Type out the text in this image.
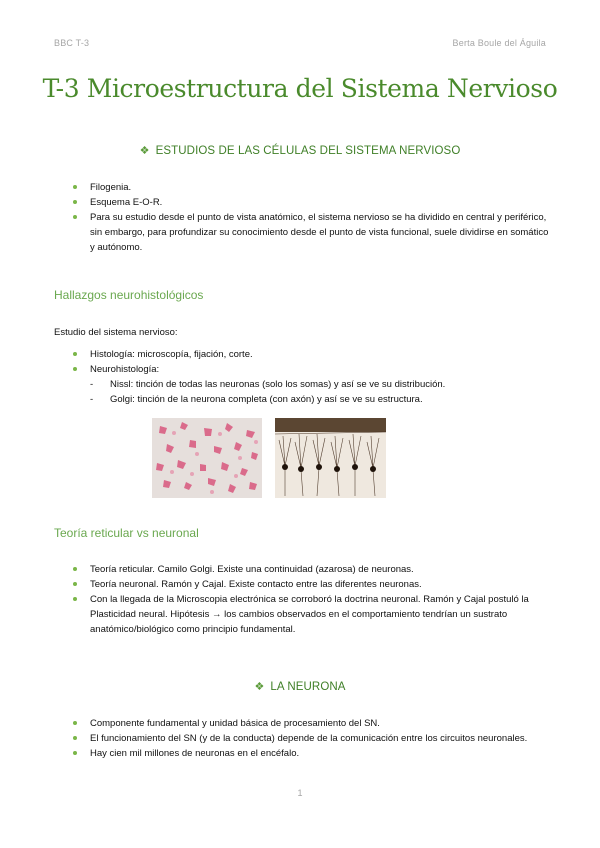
BBC T-3	Berta Boule del Águila
T-3 Microestructura del Sistema Nervioso
❖ ESTUDIOS DE LAS CÉLULAS DEL SISTEMA NERVIOSO
Filogenia.
Esquema E-O-R.
Para su estudio desde el punto de vista anatómico, el sistema nervioso se ha dividido en central y periférico, sin embargo, para profundizar su conocimiento desde el punto de vista funcional, suele dividirse en somático y autónomo.
Hallazgos neurohistológicos
Estudio del sistema nervioso:
Histología: microscopía, fijación, corte.
Neurohistología:
- Nissl: tinción de todas las neuronas (solo los somas) y así se ve su distribución.
- Golgi: tinción de la neurona completa (con axón) y así se ve su estructura.
Teoría reticular vs neuronal
Teoría reticular. Camilo Golgi. Existe una continuidad (azarosa) de neuronas.
Teoría neuronal. Ramón y Cajal. Existe contacto entre las diferentes neuronas.
Con la llegada de la Microscopia electrónica se corroboró la doctrina neuronal. Ramón y Cajal postuló la Plasticidad neural. Hipótesis → los cambios observados en el comportamiento tendrían un sustrato anatómico/biológico como principio fundamental.
❖ LA NEURONA
Componente fundamental y unidad básica de procesamiento del SN.
El funcionamiento del SN (y de la conducta) depende de la comunicación entre los circuitos neuronales.
Hay cien mil millones de neuronas en el encéfalo.
1
